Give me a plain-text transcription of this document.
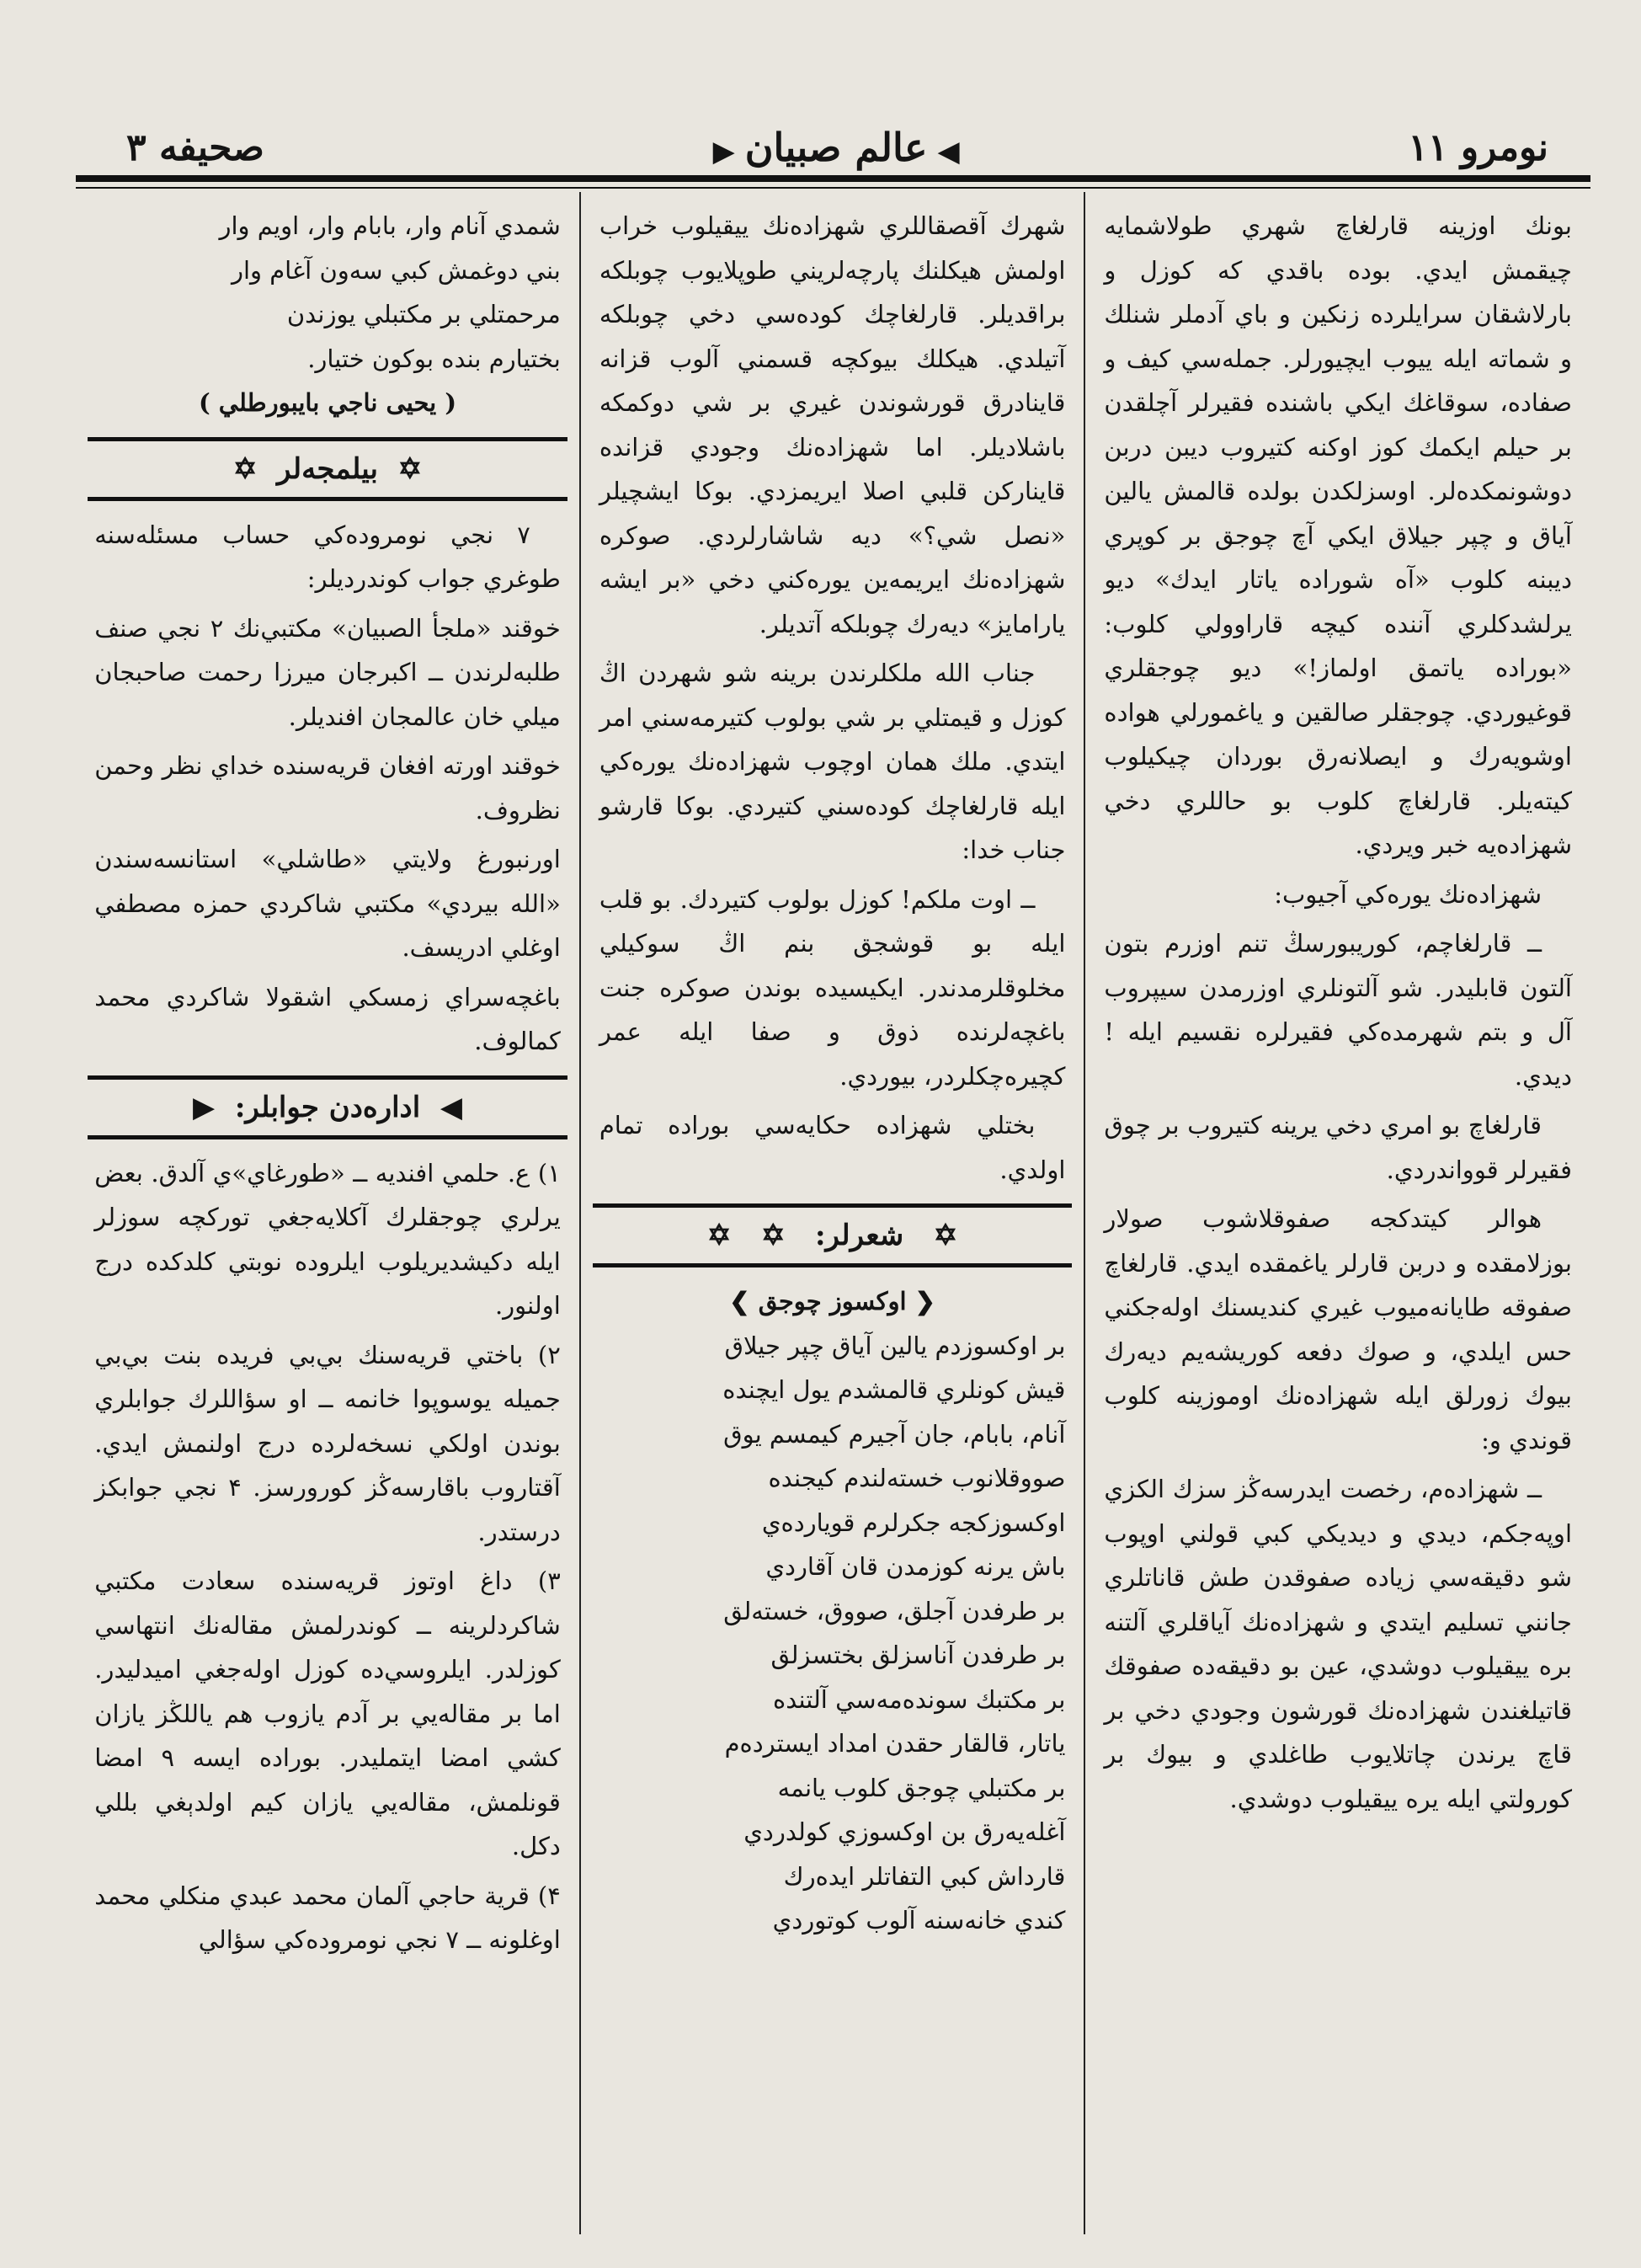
نومرو ۱۱
◀عالم صبيان▶
صحيفه ۳

بونك اوزينه قارلغاچ شهري طولاشمايه چيقمش ايدي. بوده باقدي كه كوزل و بارلاشقان سرايلرده زنكين و باي آدملر شنلك و شماته ايله ييوب ايچيورلر. جملەسي كيف و صفاده، سوقاغك ايكي باشندە فقيرلر آچلقدن بر حيلم ايكمك كوز اوكنه كتيروب ديبن دربن دوشونمكدەلر. اوسزلكدن بولدە قالمش يالين آياق و چپر جيلاق ايكي آچ چوجق بر كوپري ديبنه كلوب «آه شوراده ياتار ايدك» ديو يرلشدكلري آننده كيچه قاراوولي كلوب: «بوراده ياتمق اولماز!» ديو چوجقلري قوغيوردي. چوجقلر صالقين و ياغمورلي هواده اوشويەرك و ايصلانەرق بوردان چيكيلوب كيتەيلر. قارلغاچ كلوب بو حاللري دخي شهزادەيه خبر ويردي.

شهزادەنك يوره‌كي آجيوب:

ــ قارلغاچم، كوريبورسڭ تنم اوزرم بتون آلتون قابليدر. شو آلتونلري اوزرمدن سيپروب آل و بتم شهرمدەكي فقيرلره نقسيم ايله ! ديدي.

قارلغاچ بو امري دخي يرينه كتيروب بر چوق فقيرلر قوواندردي.

هوالر كيتدكجه صفوقلاشوب صولار بوزلامقده و دربن قارلر ياغمقده ايدي. قارلغاچ صفوقه طايانەميوب غيري كنديسنك اولەجكني حس ايلدي، و صوك دفعه كوريشەيم ديەرك بيوك زورلق ايله شهزادەنك اوموزينه كلوب قوندي و:

ــ شهزادەم، رخصت ايدرسەڭز سزك الكزي اوپەجكم، ديدي و ديديكي كبي قولني اوپوب شو دقيقەسي زياده صفوقدن طش قاناتلري جانني تسليم ايتدي و شهزادەنك آياقلري آلتنه بره ييقيلوب دوشدي، عين بو دقيقەده صفوقك قاتيلغندن شهزادەنك قورشون وجودي دخي بر قاچ يرندن چاتلايوب طاغلدي و بيوك بر كورولتي ايله يره ييقيلوب دوشدي.

شهرك آقصقاللري شهزادەنك ييقيلوب خراب اولمش هيكلنك پارچەلريني طوپلايوب چوبلكه براقديلر. قارلغاچك كوده‌سي دخي چوبلكه آتيلدي. هيكلك بيوكچه قسمني آلوب قزانه قاينادرق قورشوندن غيري بر شي دوكمكه باشلاديلر. اما شهزادەنك وجودي قزانده قايناركن قلبي اصلا ايريمزدي. بوكا ايشچيلر «نصل شي؟» ديه شاشارلردي. صوكره شهزادەنك ايريمه‌ين يوره‌كني دخي «بر ايشه يارامايز» ديەرك چوبلكه آتديلر.

جناب الله ملكلرندن برينه شو شهردن اڭ كوزل و قيمتلي بر شي بولوب كتيرمەسني امر ايتدي. ملك همان اوچوب شهزادەنك يوره‌كي ايله قارلغاچك كوده‌سني كتيردي. بوكا قارشو جناب خدا:

ــ اوت ملكم! كوزل بولوب كتيردك. بو قلب ايله بو قوشجق بنم اڭ سوكيلي مخلوقلرمدندر. ايكيسيده بوندن صوكره جنت باغچەلرنده ذوق و صفا ايله عمر كچيره‌چكلردر، بيوردي.

بختلي شهزاده حكايەسي بوراده تمام اولدي.

✡   شعرلر:   ✡   ✡
❮ اوكسوز چوجق ❯
بر اوكسوزدم يالين آياق چپر جيلاق
قيش كونلري قالمشدم يول ايچنده
آنام، بابام، جان آجيرم كيمسم يوق
صووقلانوب خستەلندم كيجنده
اوكسوزكجه جكرلرم قويارده‌ي
باش يرنه كوزمدن قان آقاردي
بر طرفدن آجلق، صووق، خستەلق
بر طرفدن آناسزلق بختسزلق
بر مكتبك سونده‌مه‌سي آلتنده
ياتار، قالقار حقدن امداد ايسترده‌م
بر مكتبلي چوجق كلوب يانمه
آغلەيەرق بن اوكسوزي كولدردي
قارداش كبي التفاتلر ايدەرك
كندي خانەسنه آلوب كوتوردي
شمدي آنام وار، بابام وار، اويم وار
بني دوغمش كبي سەون آغام وار
مرحمتلي بر مكتبلي يوزندن
بختيارم بنده بوكون ختيار.
( يحيى ناجي بايبورطلي )
✡  بيلمجەلر  ✡

۷ نجي نومروده‌كي حساب مسئلەسنه طوغري جواب كوندرديلر:

خوقند «ملجأ الصبيان» مكتبي‌نك ۲ نجي صنف طلبەلرندن ــ اكبرجان ميرزا رحمت صاحبجان ميلي خان عالمجان افنديلر.

خوقند اورته افغان قريەسنده خداي نظر وحمن نظروف.

اورنبورغ ولايتي «طاشلي» استانسەسندن «الله بيردي» مكتبي شاكردي حمزه مصطفي اوغلي ادريسف.

باغچەسراي زمسكي اشقولا شاكردي محمد كمالوف.

◀  ادارەدن جوابلر:  ▶

۱) ع. حلمي افنديه ــ «طورغاي»ي آلدق. بعض يرلري چوجقلرك آكلايەجغي توركچه سوزلر ايله دكيشديريلوب ايلروده نوبتي كلدكده درج اولنور.

۲) باختي قريەسنك بي‌بي فريده بنت بي‌بي جميله يوسوپوا خانمه ــ او سؤاللرك جوابلري بوندن اولكي نسخەلرده درج اولنمش ايدي. آقتاروب باقارسەڭز كورورسز. ۴ نجي جوابكز درستدر.

۳) داغ اوتوز قريەسنده سعادت مكتبي شاكردلرينه ــ كوندرلمش مقالەنك انتهاسي كوزلدر. ايلروسي‌ده كوزل اولەجغي اميدليدر. اما بر مقالەيي بر آدم يازوب هم ياللڭز يازان كشي امضا ايتمليدر. بوراده ايسه ۹ امضا قونلمش، مقالەيي يازان كيم اولدېغي بللي دكل.

۴) قرية حاجي آلمان محمد عبدي منكلي محمد اوغلونه ــ ۷ نجي نومروده‌كي سؤالي
